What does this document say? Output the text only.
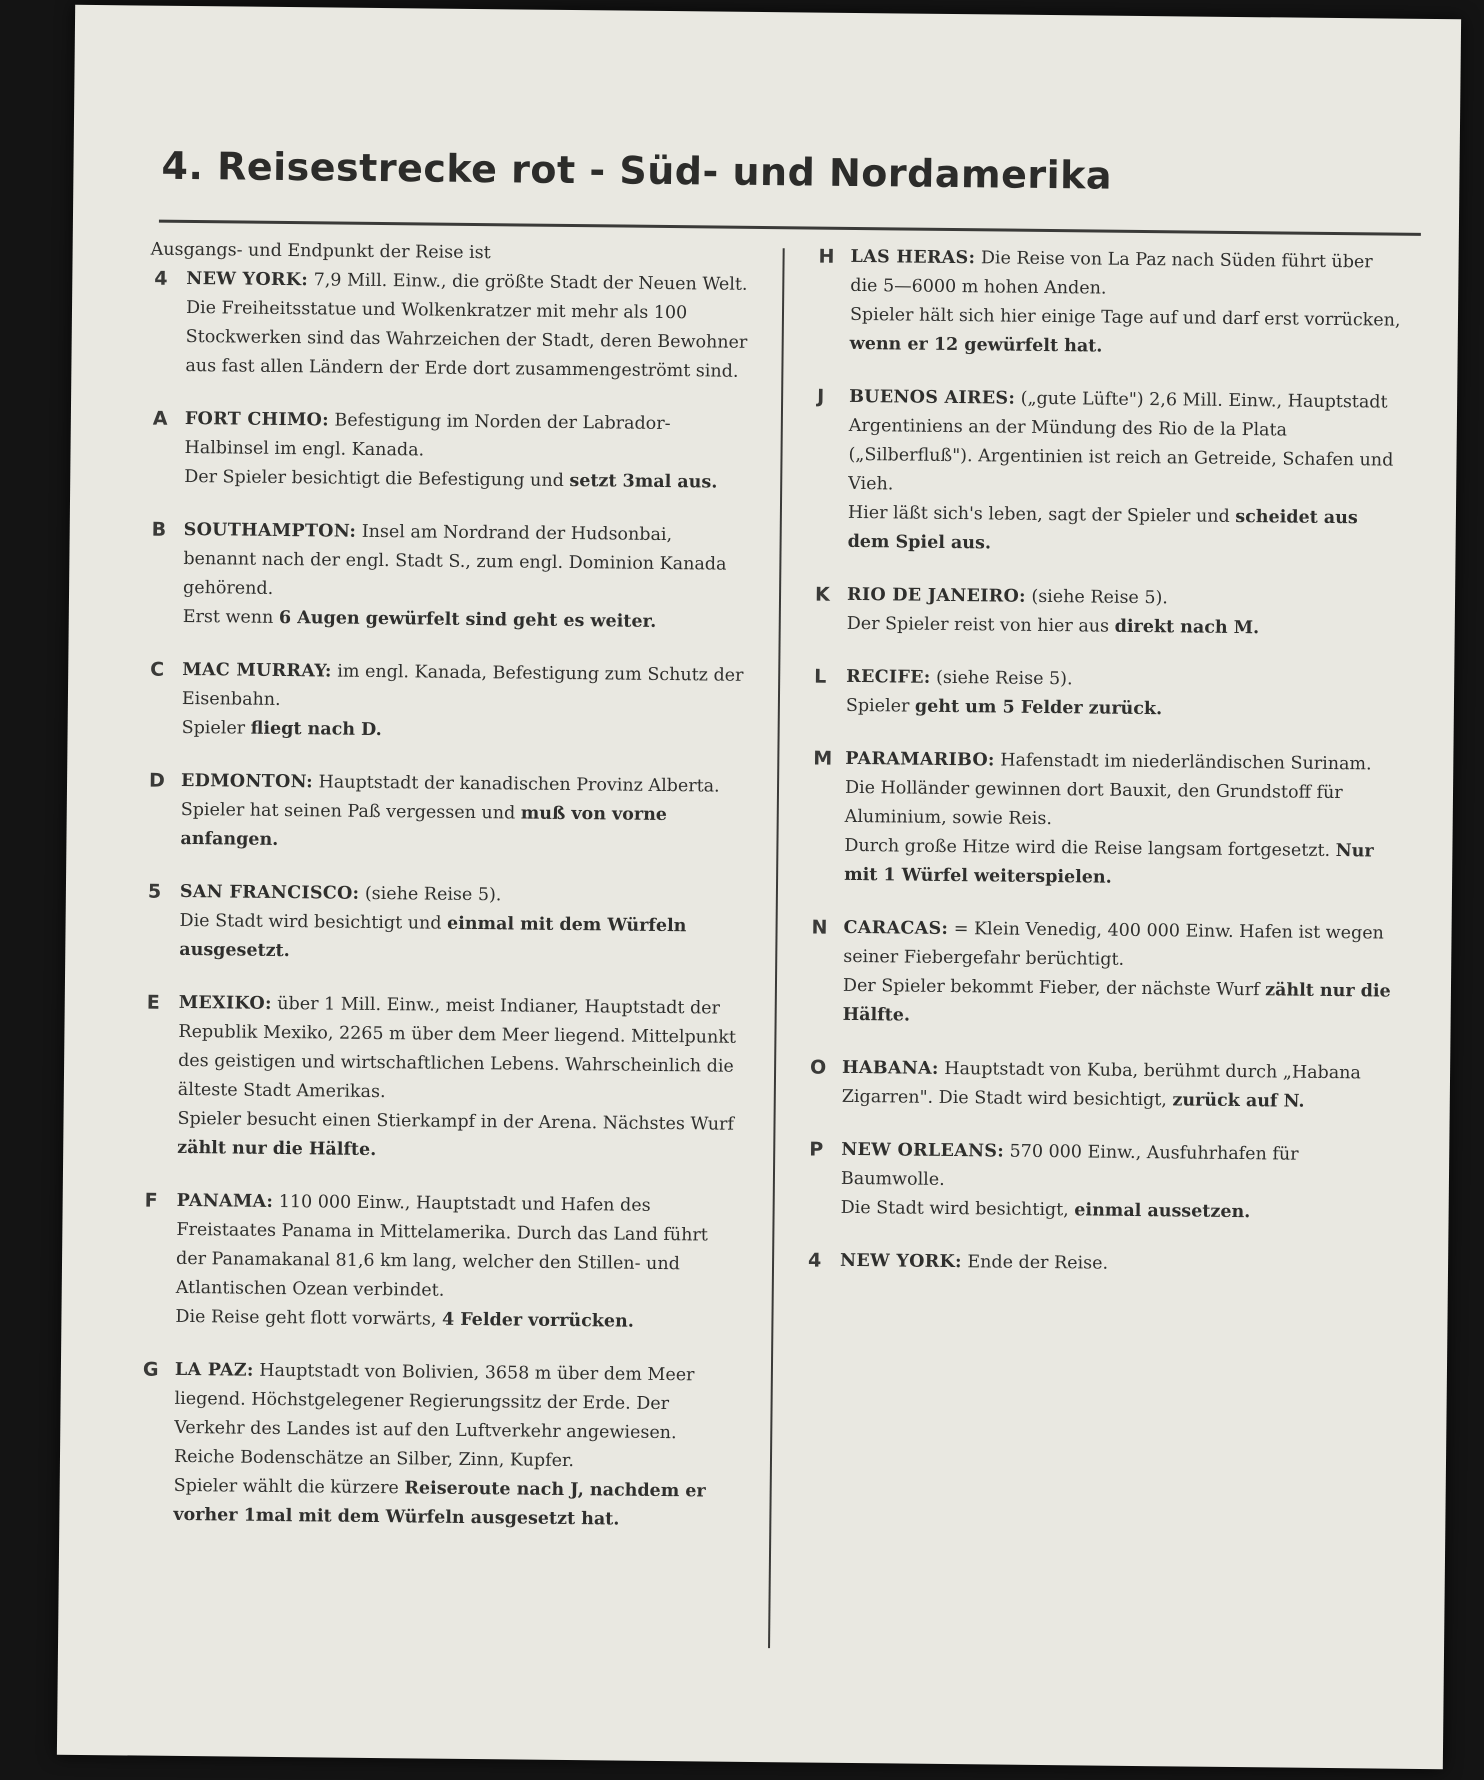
4. Reisestrecke rot - Süd- und Nordamerika

Ausgangs- und Endpunkt der Reise ist

4 NEW YORK: 7,9 Mill. Einw., die größte Stadt der Neuen Welt. Die Freiheitsstatue und Wolkenkratzer mit mehr als 100 Stockwerken sind das Wahrzeichen der Stadt, deren Bewohner aus fast allen Ländern der Erde dort zusammengeströmt sind.

A FORT CHIMO: Befestigung im Norden der Labrador-Halbinsel im engl. Kanada.

Der Spieler besichtigt die Befestigung und setzt 3mal aus.

B SOUTHAMPTON: Insel am Nordrand der Hudsonbai, benannt nach der engl. Stadt S., zum engl. Dominion Kanada gehörend.

Erst wenn 6 Augen gewürfelt sind geht es weiter.

C MAC MURRAY: im engl. Kanada, Befestigung zum Schutz der Eisenbahn.

Spieler fliegt nach D.

D EDMONTON: Hauptstadt der kanadischen Provinz Alberta.

Spieler hat seinen Paß vergessen und muß von vorne anfangen.

5 SAN FRANCISCO: (siehe Reise 5).

Die Stadt wird besichtigt und einmal mit dem Würfeln ausgesetzt.

E MEXIKO: über 1 Mill. Einw., meist Indianer, Hauptstadt der Republik Mexiko, 2265 m über dem Meer liegend. Mittelpunkt des geistigen und wirtschaftlichen Lebens. Wahrscheinlich die älteste Stadt Amerikas.

Spieler besucht einen Stierkampf in der Arena. Nächstes Wurf zählt nur die Hälfte.

F PANAMA: 110 000 Einw., Hauptstadt und Hafen des Freistaates Panama in Mittelamerika. Durch das Land führt der Panamakanal 81,6 km lang, welcher den Stillen- und Atlantischen Ozean verbindet.

Die Reise geht flott vorwärts, 4 Felder vorrücken.

G LA PAZ: Hauptstadt von Bolivien, 3658 m über dem Meer liegend. Höchstgelegener Regierungssitz der Erde. Der Verkehr des Landes ist auf den Luftverkehr angewiesen. Reiche Bodenschätze an Silber, Zinn, Kupfer.

Spieler wählt die kürzere Reiseroute nach J, nachdem er vorher 1mal mit dem Würfeln ausgesetzt hat.

H LAS HERAS: Die Reise von La Paz nach Süden führt über die 5—6000 m hohen Anden.

Spieler hält sich hier einige Tage auf und darf erst vorrücken, wenn er 12 gewürfelt hat.

J BUENOS AIRES: („gute Lüfte") 2,6 Mill. Einw., Hauptstadt Argentiniens an der Mündung des Rio de la Plata („Silberfluß"). Argentinien ist reich an Getreide, Schafen und Vieh.

Hier läßt sich's leben, sagt der Spieler und scheidet aus dem Spiel aus.

K RIO DE JANEIRO: (siehe Reise 5).

Der Spieler reist von hier aus direkt nach M.

L RECIFE: (siehe Reise 5).

Spieler geht um 5 Felder zurück.

M PARAMARIBO: Hafenstadt im niederländischen Surinam. Die Holländer gewinnen dort Bauxit, den Grundstoff für Aluminium, sowie Reis.

Durch große Hitze wird die Reise langsam fortgesetzt. Nur mit 1 Würfel weiterspielen.

N CARACAS: = Klein Venedig, 400 000 Einw. Hafen ist wegen seiner Fiebergefahr berüchtigt.

Der Spieler bekommt Fieber, der nächste Wurf zählt nur die Hälfte.

O HABANA: Hauptstadt von Kuba, berühmt durch „Habana Zigarren". Die Stadt wird besichtigt, zurück auf N.

P NEW ORLEANS: 570 000 Einw., Ausfuhrhafen für Baumwolle.

Die Stadt wird besichtigt, einmal aussetzen.

4 NEW YORK: Ende der Reise.
